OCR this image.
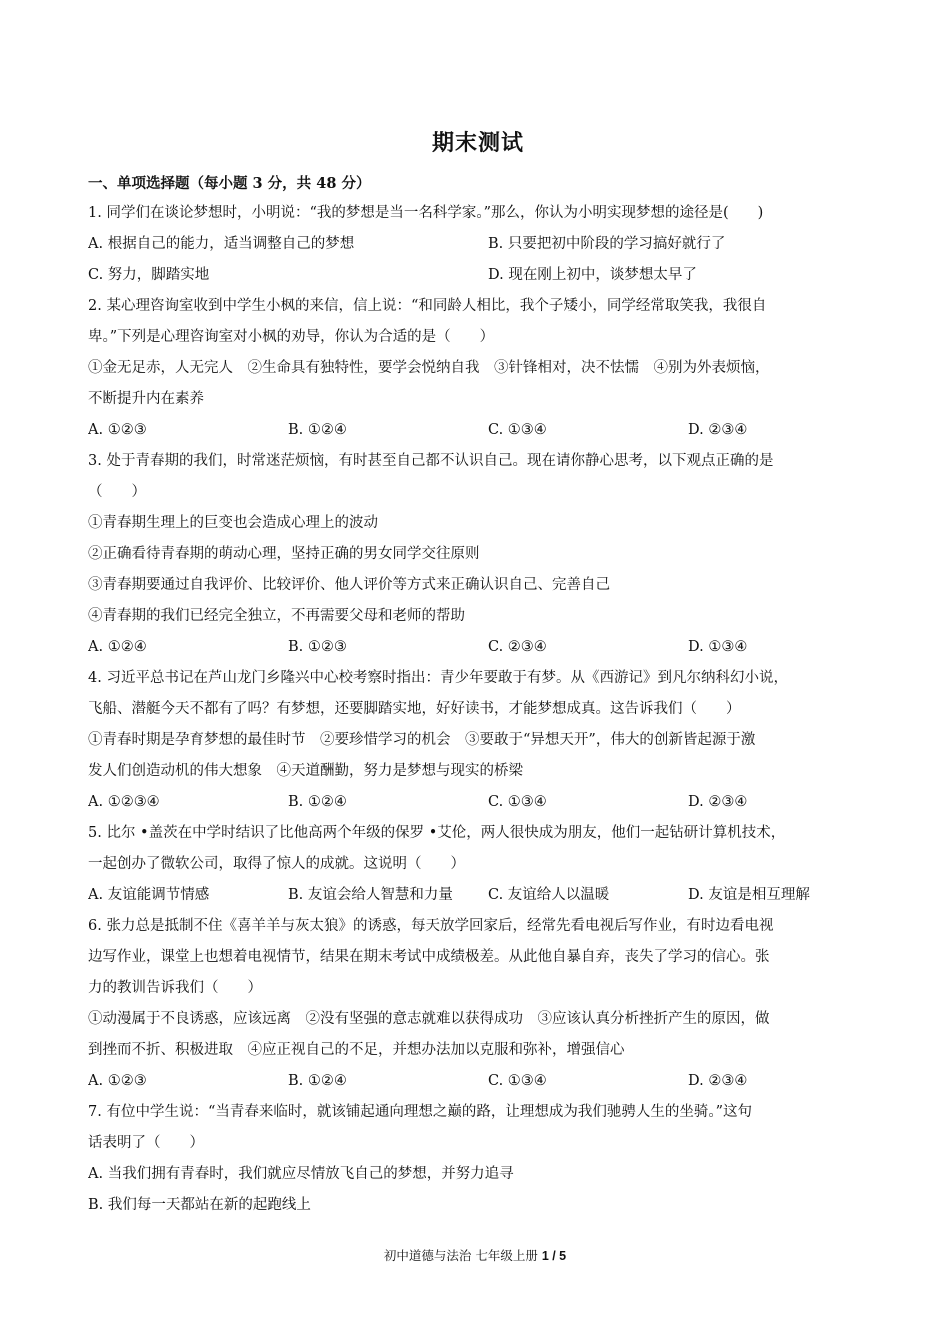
期末测试
一、单项选择题（每小题 3 分，共 48 分）
1. 同学们在谈论梦想时，小明说：“我的梦想是当一名科学家。”那么，你认为小明实现梦想的途径是(　　)
A. 根据自己的能力，适当调整自己的梦想	B. 只要把初中阶段的学习搞好就行了
C. 努力，脚踏实地	D. 现在刚上初中，谈梦想太早了
2. 某心理咨询室收到中学生小枫的来信，信上说：“和同龄人相比，我个子矮小，同学经常取笑我，我很自
卑。”下列是心理咨询室对小枫的劝导，你认为合适的是（　　）
①金无足赤，人无完人　②生命具有独特性，要学会悦纳自我　③针锋相对，决不怯懦　④别为外表烦恼，
不断提升内在素养
A. ①②③	B. ①②④	C. ①③④	D. ②③④
3. 处于青春期的我们，时常迷茫烦恼，有时甚至自己都不认识自己。现在请你静心思考，以下观点正确的是
（　　）
①青春期生理上的巨变也会造成心理上的波动
②正确看待青春期的萌动心理，坚持正确的男女同学交往原则
③青春期要通过自我评价、比较评价、他人评价等方式来正确认识自己、完善自己
④青春期的我们已经完全独立，不再需要父母和老师的帮助
A. ①②④	B. ①②③	C. ②③④	D. ①③④
4. 习近平总书记在芦山龙门乡隆兴中心校考察时指出：青少年要敢于有梦。从《西游记》到凡尔纳科幻小说，
飞船、潜艇今天不都有了吗？有梦想，还要脚踏实地，好好读书，才能梦想成真。这告诉我们（　　）
①青春时期是孕育梦想的最佳时节　②要珍惜学习的机会　③要敢于“异想天开”，伟大的创新皆起源于激
发人们创造动机的伟大想象　④天道酬勤，努力是梦想与现实的桥梁
A. ①②③④	B. ①②④	C. ①③④	D. ②③④
5. 比尔 •盖茨在中学时结识了比他高两个年级的保罗 •艾伦，两人很快成为朋友，他们一起钻研计算机技术，
一起创办了微软公司，取得了惊人的成就。这说明（　　）
A. 友谊能调节情感	B. 友谊会给人智慧和力量	C. 友谊给人以温暖	D. 友谊是相互理解
6. 张力总是抵制不住《喜羊羊与灰太狼》的诱惑，每天放学回家后，经常先看电视后写作业，有时边看电视
边写作业，课堂上也想着电视情节，结果在期末考试中成绩极差。从此他自暴自弃，丧失了学习的信心。张
力的教训告诉我们（　　）
①动漫属于不良诱惑，应该远离　②没有坚强的意志就难以获得成功　③应该认真分析挫折产生的原因，做
到挫而不折、积极进取　④应正视自己的不足，并想办法加以克服和弥补，增强信心
A. ①②③	B. ①②④	C. ①③④	D. ②③④
7. 有位中学生说：“当青春来临时，就该铺起通向理想之巅的路，让理想成为我们驰骋人生的坐骑。”这句
话表明了（　　）
A. 当我们拥有青春时，我们就应尽情放飞自己的梦想，并努力追寻
B. 我们每一天都站在新的起跑线上
初中道德与法治 七年级上册 1 / 5
